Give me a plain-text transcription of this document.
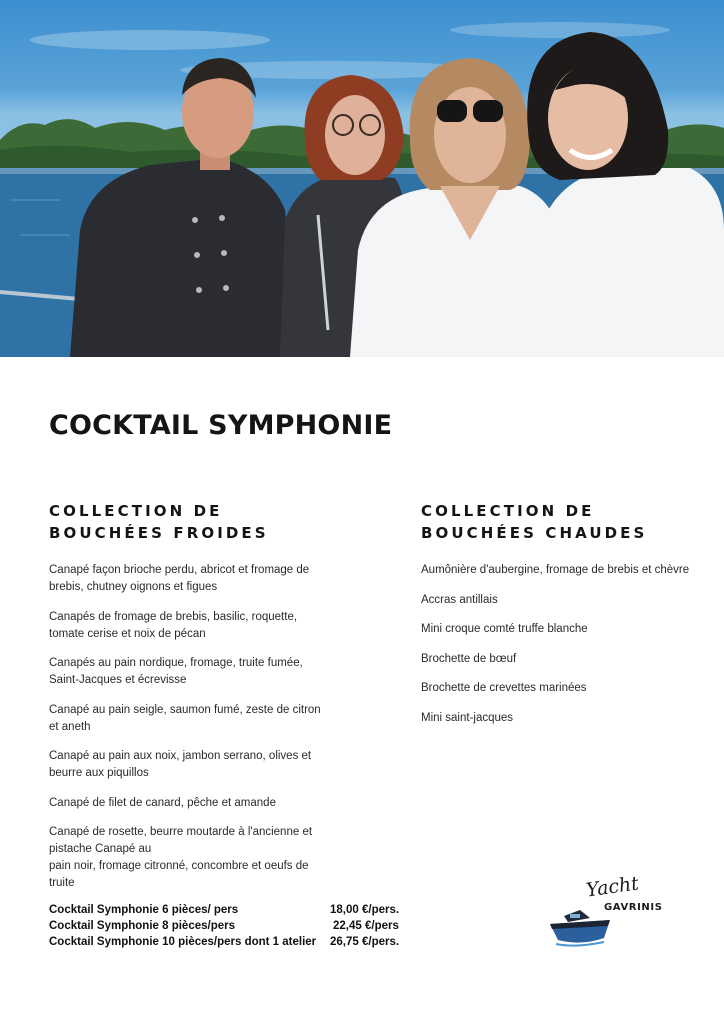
COCKTAIL SYMPHONIE
COLLECTION DE
BOUCHÉES FROIDES
Canapé façon brioche perdu, abricot et fromage de brebis, chutney oignons et figues
Canapés de fromage de brebis, basilic, roquette, tomate cerise et noix de pécan
Canapés au pain nordique, fromage, truite fumée, Saint-Jacques et écrevisse
Canapé au pain seigle, saumon fumé, zeste de citron et aneth
Canapé au pain aux noix, jambon serrano, olives et beurre aux piquillos
Canapé de filet de canard, pêche et amande
Canapé de rosette, beurre moutarde à l'ancienne et pistache Canapé au
pain noir, fromage citronné, concombre et oeufs de truite
COLLECTION DE
BOUCHÉES CHAUDES
Aumônière d'aubergine, fromage de brebis et chèvre
Accras antillais
Mini croque comté truffe blanche
Brochette de bœuf
Brochette de crevettes marinées
Mini saint-jacques
Cocktail Symphonie 6 pièces/ pers	18,00 €/pers.
Cocktail Symphonie 8 pièces/pers	22,45 €/pers
Cocktail Symphonie 10 pièces/pers dont 1 atelier 26,75 €/pers.
Yacht
GAVRINIS
